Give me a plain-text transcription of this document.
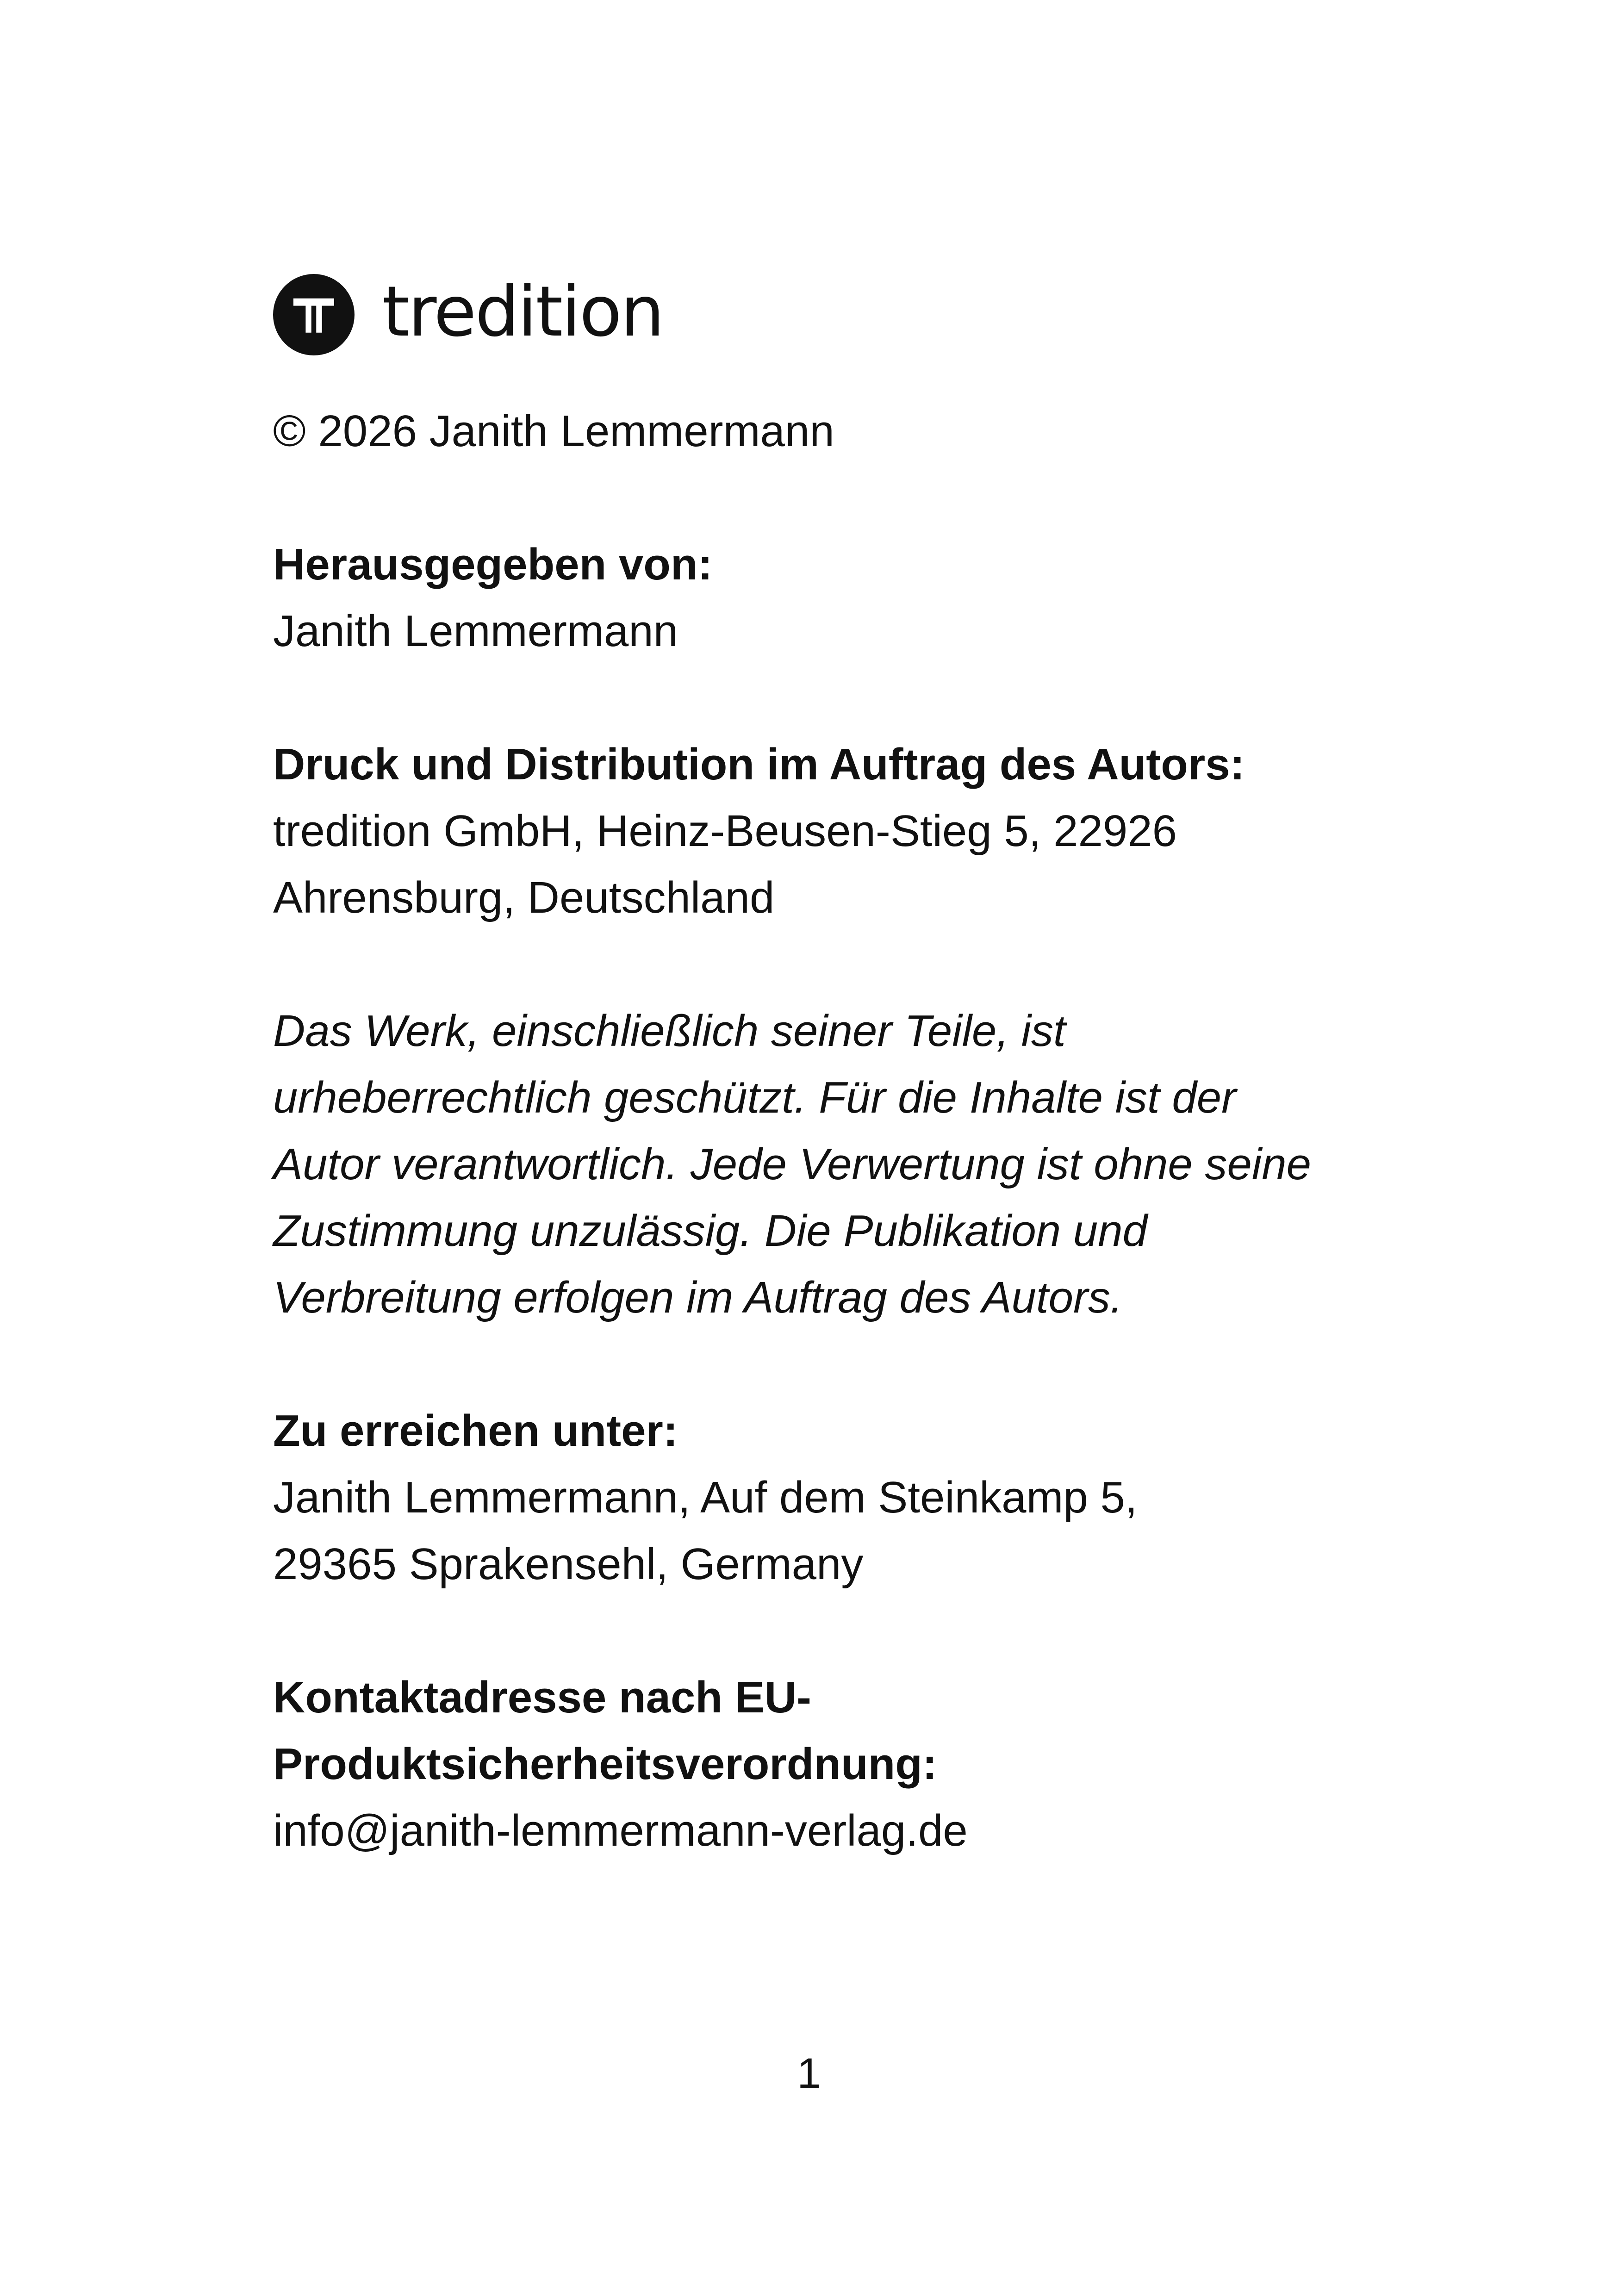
tredition
© 2026 Janith Lemmermann
Herausgegeben von:
Janith Lemmermann
Druck und Distribution im Auftrag des Autors:
tredition GmbH, Heinz-Beusen-Stieg 5, 22926
Ahrensburg, Deutschland
Das Werk, einschließlich seiner Teile, ist
urheberrechtlich geschützt. Für die Inhalte ist der
Autor verantwortlich. Jede Verwertung ist ohne seine
Zustimmung unzulässig. Die Publikation und
Verbreitung erfolgen im Auftrag des Autors.
Zu erreichen unter:
Janith Lemmermann, Auf dem Steinkamp 5,
29365 Sprakensehl, Germany
Kontaktadresse nach EU-
Produktsicherheitsverordnung:
info@janith-lemmermann-verlag.de
1
